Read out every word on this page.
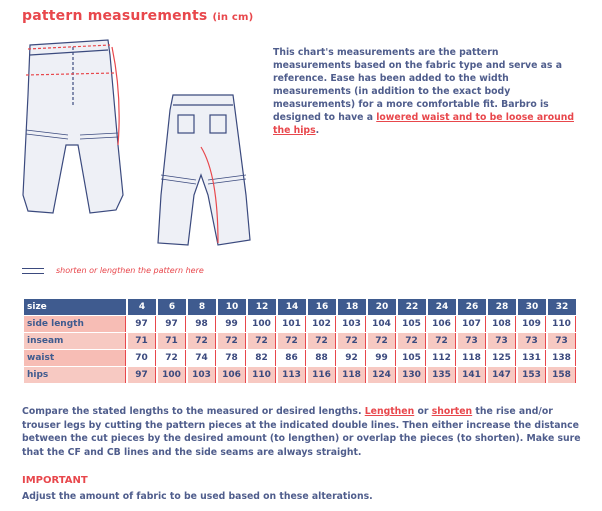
pattern measurements (in cm)
This chart's measurements are the pattern measurements based on the fabric type and serve as a reference. Ease has been added to the width measurements (in addition to the exact body measurements) for a more comfortable fit. Barbro is designed to have a lowered waist and to be loose around the hips.
shorten or lengthen the pattern here
size	4	6	8	10	12	14	16	18	20	22	24	26	28	30	32
side length	97	97	98	99	100	101	102	103	104	105	106	107	108	109	110
inseam	71	71	72	72	72	72	72	72	72	72	72	73	73	73	73
waist	70	72	74	78	82	86	88	92	99	105	112	118	125	131	138
hips	97	100	103	106	110	113	116	118	124	130	135	141	147	153	158
Compare the stated lengths to the measured or desired lengths. Lengthen or shorten the rise and/or trouser legs by cutting the pattern pieces at the indicated double lines. Then either increase the distance between the cut pieces by the desired amount (to lengthen) or overlap the pieces (to shorten). Make sure that the CF and CB lines and the side seams are always straight.
IMPORTANT
Adjust the amount of fabric to be used based on these alterations.
